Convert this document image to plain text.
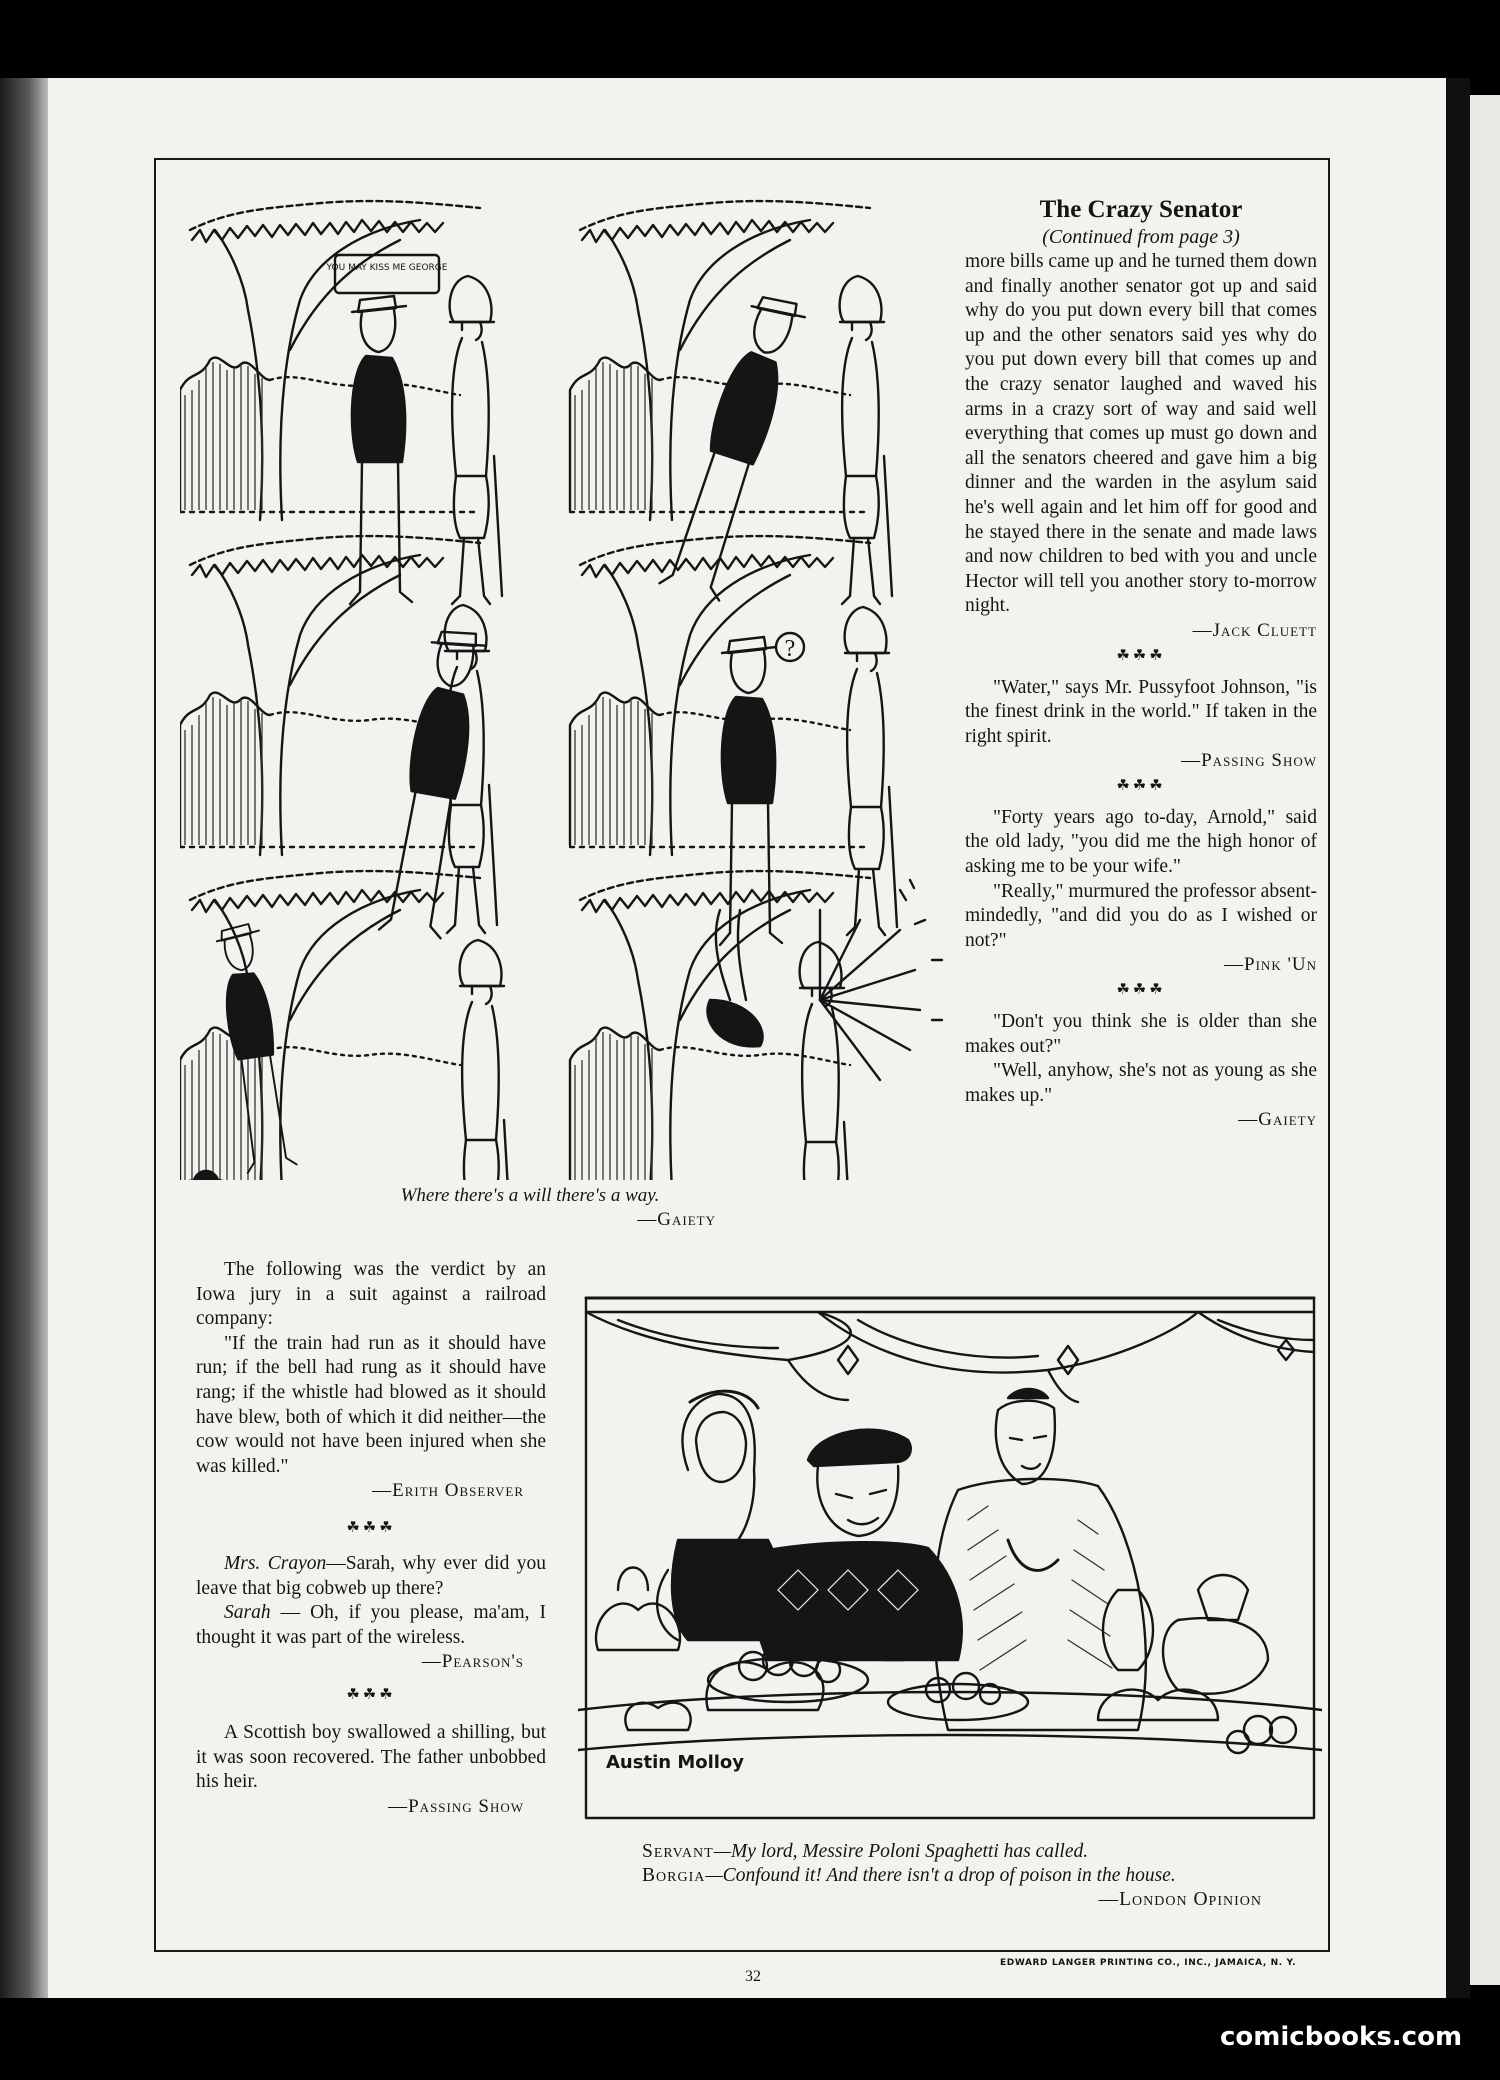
YOU MAY KISS ME GEORGE
?
Where there's a will there's a way.
—Gaiety
The Crazy Senator
(Continued from page 3)

more bills came up and he turned them down and finally another senator got up and said why do you put down every bill that comes up and the other senators said yes why do you put down every bill that comes up and the crazy senator laughed and waved his arms in a crazy sort of way and said well everything that comes up must go down and all the senators cheered and gave him a big dinner and the warden in the asylum said he's well again and let him off for good and he stayed there in the senate and made laws and now children to bed with you and uncle Hector will tell you another story to-morrow night.

—Jack Cluett
☘☘☘

"Water," says Mr. Pussyfoot Johnson, "is the finest drink in the world." If taken in the right spirit.

—Passing Show
☘☘☘

"Forty years ago to-day, Arnold," said the old lady, "you did me the high honor of asking me to be your wife."

"Really," murmured the professor absent-mindedly, "and did you do as I wished or not?"

—Pink 'Un
☘☘☘

"Don't you think she is older than she makes out?"

"Well, anyhow, she's not as young as she makes up."

—Gaiety

The following was the verdict by an Iowa jury in a suit against a railroad company:

"If the train had run as it should have run; if the bell had rung as it should have rang; if the whistle had blowed as it should have blew, both of which it did neither—the cow would not have been injured when she was killed."

—Erith Observer
☘☘☘

Mrs. Crayon—Sarah, why ever did you leave that big cobweb up there?

Sarah — Oh, if you please, ma'am, I thought it was part of the wireless.

—Pearson's
☘☘☘

A Scottish boy swallowed a shilling, but it was soon recovered. The father unbobbed his heir.

—Passing Show
Austin Molloy
Servant—My lord, Messire Poloni Spaghetti has called.
Borgia—Confound it! And there isn't a drop of poison in the house.
—London Opinion
EDWARD LANGER PRINTING CO., INC., JAMAICA, N. Y.
32
comicbooks.com
